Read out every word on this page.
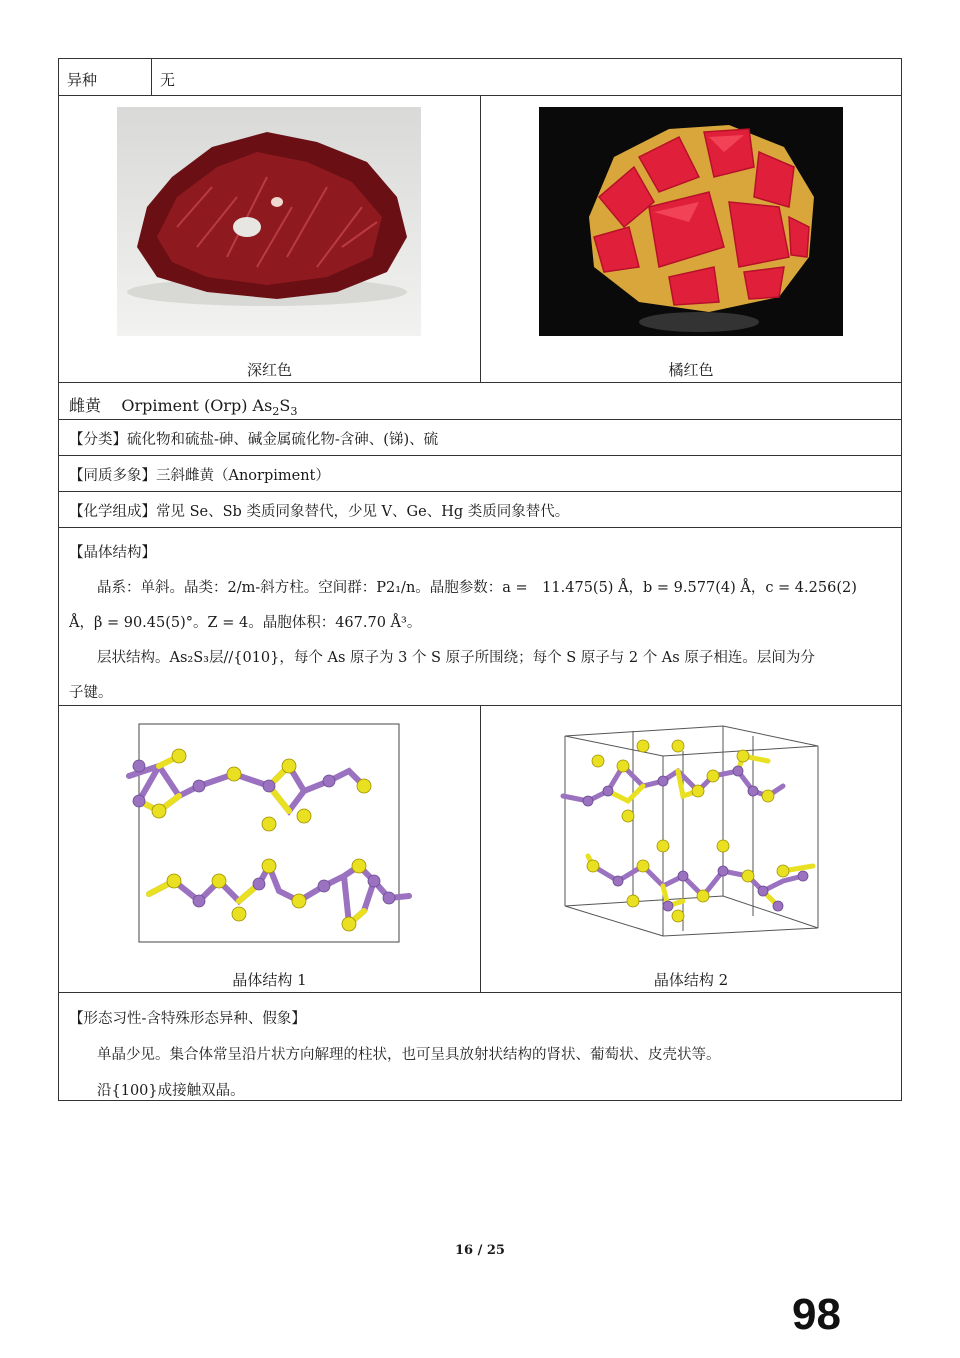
异种	无
深红色	橘红色
雌黄 Orpiment (Orp) $As_2S_3$
【分类】硫化物和硫盐-砷、碱金属硫化物-含砷、(锑)、硫
【同质多象】三斜雌黄（Anorpiment）
【化学组成】常见 Se、Sb 类质同象替代，少见 V、Ge、Hg 类质同象替代。

【晶体结构】

晶系：单斜。晶类：2/m-斜方柱。空间群：P2₁/n。晶胞参数：a =　11.475(5) Å，b = 9.577(4) Å，c = 4.256(2)

Å，β = 90.45(5)°。Z = 4。晶胞体积：467.70 Å³。

层状结构。As₂S₃层//{010}，每个 As 原子为 3 个 S 原子所围绕；每个 S 原子与 2 个 As 原子相连。层间为分

子键。

晶体结构 1	晶体结构 2

【形态习性-含特殊形态异种、假象】

单晶少见。集合体常呈沿片状方向解理的柱状，也可呈具放射状结构的肾状、葡萄状、皮壳状等。

沿{100}成接触双晶。

16 / 25
98
